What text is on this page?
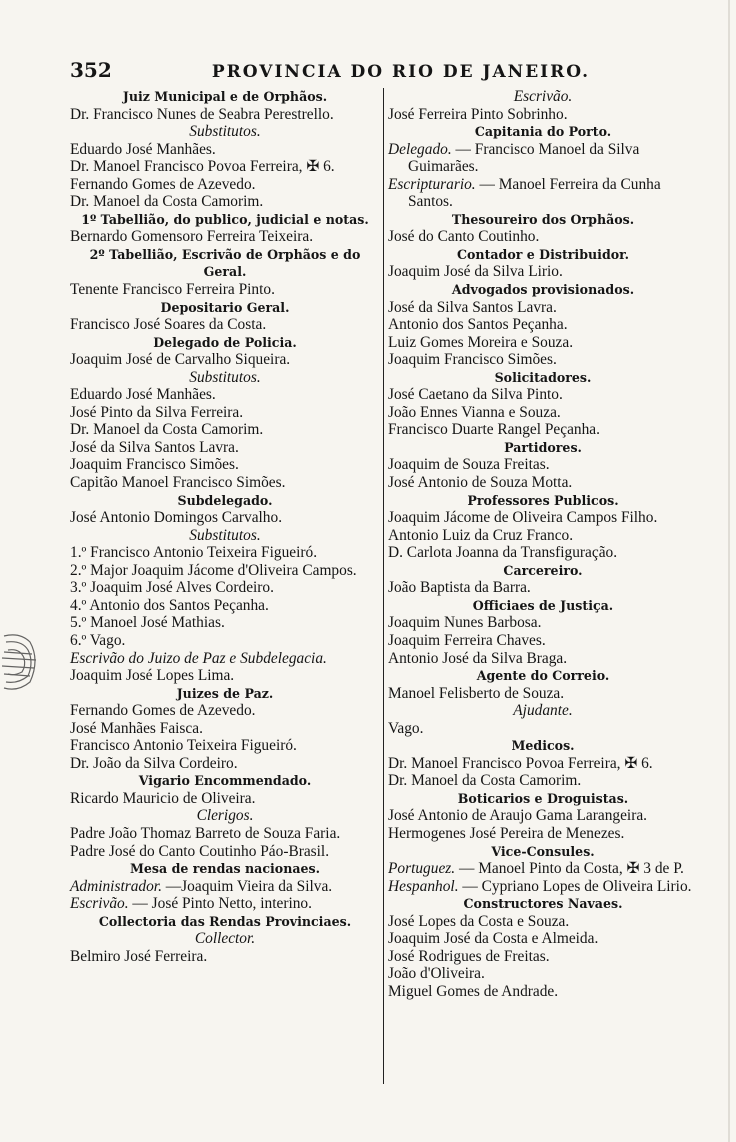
352	PROVINCIA DO RIO DE JANEIRO.
Juiz Municipal e de Orphãos.
Dr. Francisco Nunes de Seabra Perestrello.
Substitutos.
Eduardo José Manhães.
Dr. Manoel Francisco Povoa Ferreira, ✠ 6.
Fernando Gomes de Azevedo.
Dr. Manoel da Costa Camorim.
1º Tabellião, do publico, judicial e notas.
Bernardo Gomensoro Ferreira Teixeira.
2º Tabellião, Escrivão de Orphãos e do Geral.
Tenente Francisco Ferreira Pinto.
Depositario Geral.
Francisco José Soares da Costa.
Delegado de Policia.
Joaquim José de Carvalho Siqueira.
Substitutos.
Eduardo José Manhães.
José Pinto da Silva Ferreira.
Dr. Manoel da Costa Camorim.
José da Silva Santos Lavra.
Joaquim Francisco Simões.
Capitão Manoel Francisco Simões.
Subdelegado.
José Antonio Domingos Carvalho.
Substitutos.
1.º Francisco Antonio Teixeira Figueiró.
2.º Major Joaquim Jácome d'Oliveira Campos.
3.º Joaquim José Alves Cordeiro.
4.º Antonio dos Santos Peçanha.
5.º Manoel José Mathias.
6.º Vago.
Escrivão do Juizo de Paz e Subdelegacia.
Joaquim José Lopes Lima.
Juizes de Paz.
Fernando Gomes de Azevedo.
José Manhães Faisca.
Francisco Antonio Teixeira Figueiró.
Dr. João da Silva Cordeiro.
Vigario Encommendado.
Ricardo Mauricio de Oliveira.
Clerigos.
Padre João Thomaz Barreto de Souza Faria.
Padre José do Canto Coutinho Páo-Brasil.
Mesa de rendas nacionaes.
Administrador. —Joaquim Vieira da Silva.
Escrivão. — José Pinto Netto, interino.
Collectoria das Rendas Provinciaes.
Collector.
Belmiro José Ferreira.
Escrivão.
José Ferreira Pinto Sobrinho.
Capitania do Porto.
Delegado. — Francisco Manoel da Silva Guimarães.
Escripturario. — Manoel Ferreira da Cunha Santos.
Thesoureiro dos Orphãos.
José do Canto Coutinho.
Contador e Distribuidor.
Joaquim José da Silva Lirio.
Advogados provisionados.
José da Silva Santos Lavra.
Antonio dos Santos Peçanha.
Luiz Gomes Moreira e Souza.
Joaquim Francisco Simões.
Solicitadores.
José Caetano da Silva Pinto.
João Ennes Vianna e Souza.
Francisco Duarte Rangel Peçanha.
Partidores.
Joaquim de Souza Freitas.
José Antonio de Souza Motta.
Professores Publicos.
Joaquim Jácome de Oliveira Campos Filho.
Antonio Luiz da Cruz Franco.
D. Carlota Joanna da Transfiguração.
Carcereiro.
João Baptista da Barra.
Officiaes de Justiça.
Joaquim Nunes Barbosa.
Joaquim Ferreira Chaves.
Antonio José da Silva Braga.
Agente do Correio.
Manoel Felisberto de Souza.
Ajudante.
Vago.
Medicos.
Dr. Manoel Francisco Povoa Ferreira, ✠ 6.
Dr. Manoel da Costa Camorim.
Boticarios e Droguistas.
José Antonio de Araujo Gama Larangeira.
Hermogenes José Pereira de Menezes.
Vice-Consules.
Portuguez. — Manoel Pinto da Costa, ✠ 3 de P.
Hespanhol. — Cypriano Lopes de Oliveira Lirio.
Constructores Navaes.
José Lopes da Costa e Souza.
Joaquim José da Costa e Almeida.
José Rodrigues de Freitas.
João d'Oliveira.
Miguel Gomes de Andrade.
